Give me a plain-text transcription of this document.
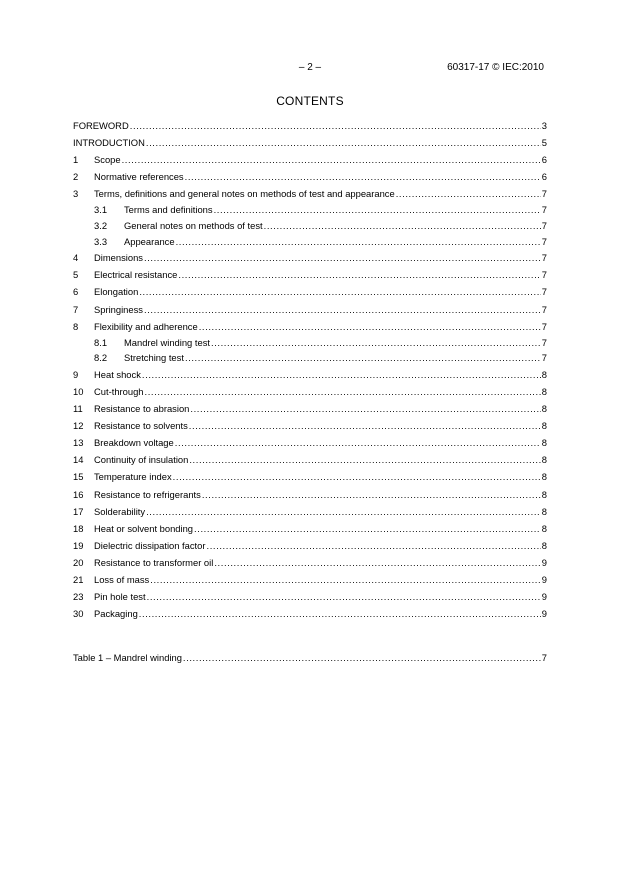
– 2 –	60317-17 © IEC:2010
CONTENTS
FOREWORD .....	3
INTRODUCTION .....	5
1	Scope .....	6
2	Normative references .....	6
3	Terms, definitions and general notes on methods of test and appearance .....	7
3.1	Terms and definitions .....	7
3.2	General notes on methods of test .....	7
3.3	Appearance .....	7
4	Dimensions .....	7
5	Electrical resistance .....	7
6	Elongation .....	7
7	Springiness .....	7
8	Flexibility and adherence .....	7
8.1	Mandrel winding test .....	7
8.2	Stretching test .....	7
9	Heat shock .....	8
10	Cut-through .....	8
11	Resistance to abrasion .....	8
12	Resistance to solvents .....	8
13	Breakdown voltage .....	8
14	Continuity of insulation .....	8
15	Temperature index .....	8
16	Resistance to refrigerants .....	8
17	Solderability .....	8
18	Heat or solvent bonding .....	8
19	Dielectric dissipation factor .....	8
20	Resistance to transformer oil .....	9
21	Loss of mass .....	9
23	Pin hole test .....	9
30	Packaging .....	9
Table 1 – Mandrel winding .....	7
